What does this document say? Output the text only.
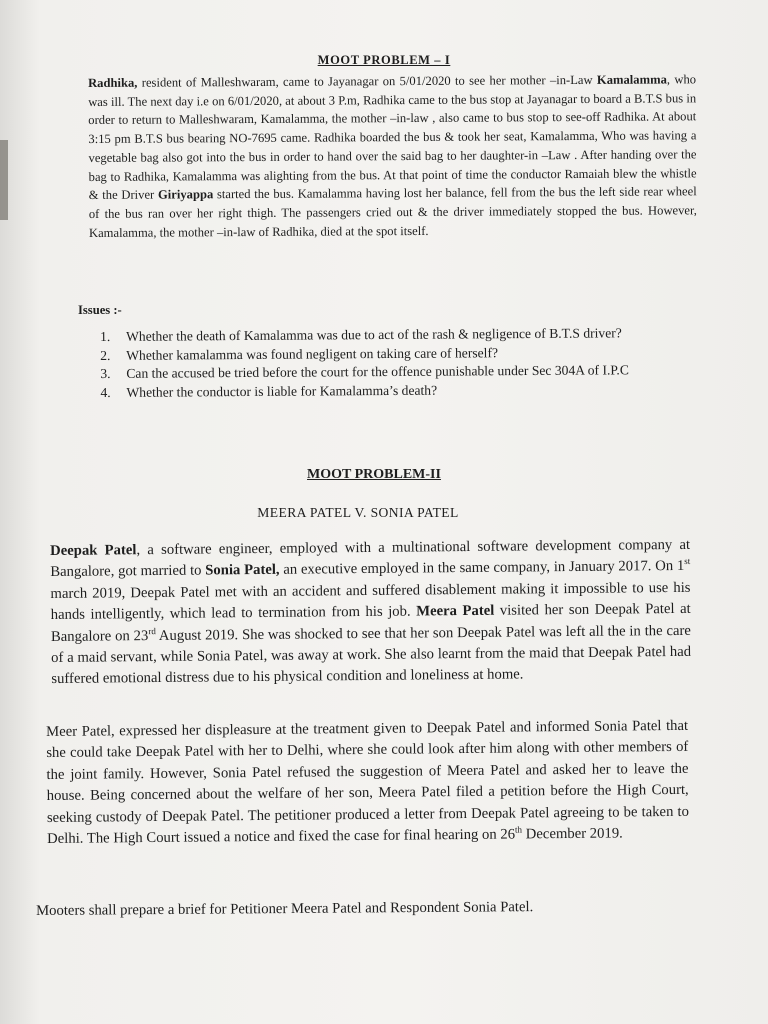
MOOT PROBLEM – I
Radhika, resident of Malleshwaram, came to Jayanagar on 5/01/2020 to see her mother –in-Law Kamalamma, who was ill. The next day i.e on 6/01/2020, at about 3 P.m, Radhika came to the bus stop at Jayanagar to board a B.T.S bus in order to return to Malleshwaram, Kamalamma, the mother –in-law , also came to bus stop to see-off Radhika. At about 3:15 pm B.T.S bus bearing NO-7695 came. Radhika boarded the bus & took her seat, Kamalamma, Who was having a vegetable bag also got into the bus in order to hand over the said bag to her daughter-in –Law . After handing over the bag to Radhika, Kamalamma was alighting from the bus. At that point of time the conductor Ramaiah blew the whistle & the Driver Giriyappa started the bus. Kamalamma having lost her balance, fell from the bus the left side rear wheel of the bus ran over her right thigh. The passengers cried out & the driver immediately stopped the bus. However, Kamalamma, the mother –in-law of Radhika, died at the spot itself.
Issues :-
1.	Whether the death of Kamalamma was due to act of the rash & negligence of B.T.S driver?
2.	Whether kamalamma was found negligent on taking care of herself?
3.	Can the accused be tried before the court for the offence punishable under Sec 304A of I.P.C
4.	Whether the conductor is liable for Kamalamma’s death?
MOOT PROBLEM-II
MEERA PATEL V. SONIA PATEL
Deepak Patel, a software engineer, employed with a multinational software development company at Bangalore, got married to Sonia Patel, an executive employed in the same company, in January 2017. On 1st march 2019, Deepak Patel met with an accident and suffered disablement making it impossible to use his hands intelligently, which lead to termination from his job. Meera Patel visited her son Deepak Patel at Bangalore on 23rd August 2019. She was shocked to see that her son Deepak Patel was left all the in the care of a maid servant, while Sonia Patel, was away at work. She also learnt from the maid that Deepak Patel had suffered emotional distress due to his physical condition and loneliness at home.
Meer Patel, expressed her displeasure at the treatment given to Deepak Patel and informed Sonia Patel that she could take Deepak Patel with her to Delhi, where she could look after him along with other members of the joint family. However, Sonia Patel refused the suggestion of Meera Patel and asked her to leave the house. Being concerned about the welfare of her son, Meera Patel filed a petition before the High Court, seeking custody of Deepak Patel. The petitioner produced a letter from Deepak Patel agreeing to be taken to Delhi. The High Court issued a notice and fixed the case for final hearing on 26th December 2019.
Mooters shall prepare a brief for Petitioner Meera Patel and Respondent Sonia Patel.
